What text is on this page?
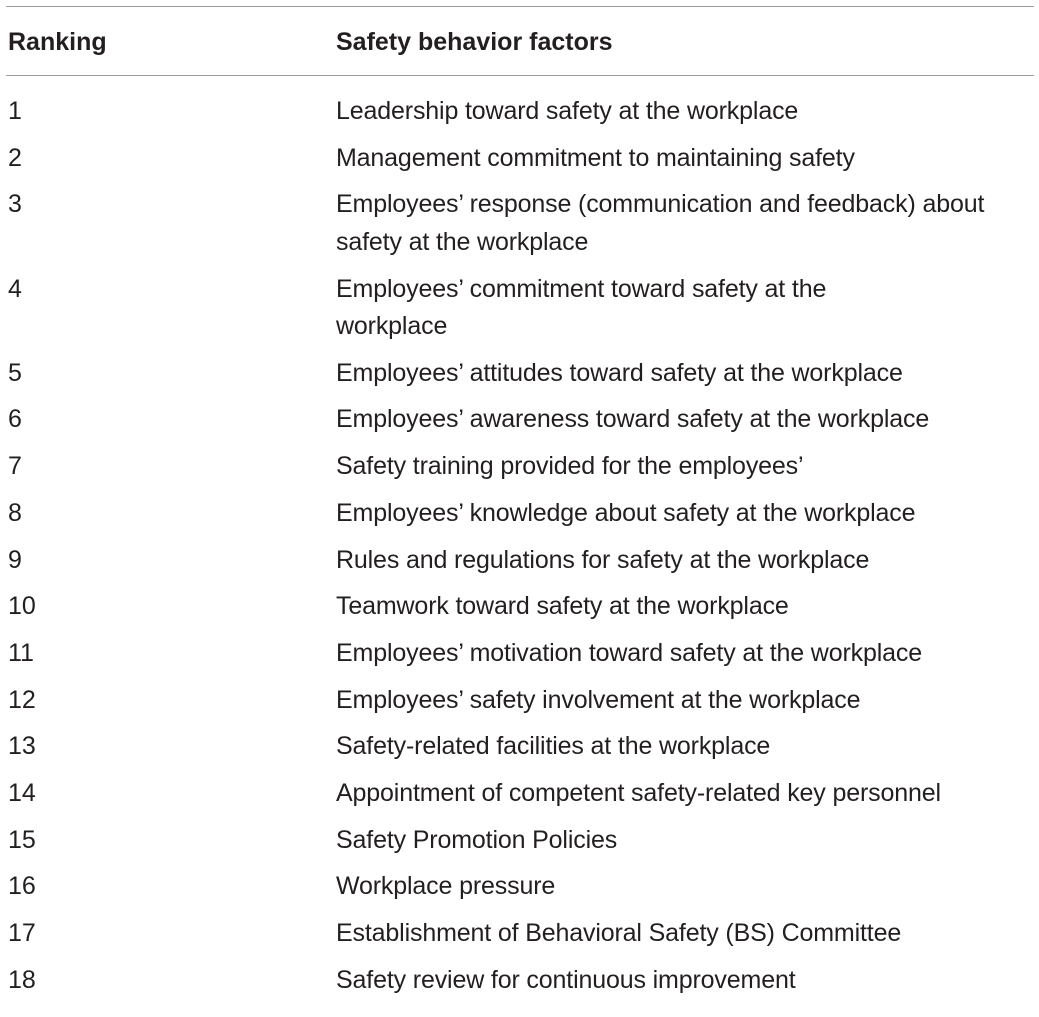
Ranking	Safety behavior factors
1	Leadership toward safety at the workplace
2	Management commitment to maintaining safety
3	Employees’ response (communication and feedback) about safety at the workplace
4	Employees’ commitment toward safety at the workplace
5	Employees’ attitudes toward safety at the workplace
6	Employees’ awareness toward safety at the workplace
7	Safety training provided for the employees’
8	Employees’ knowledge about safety at the workplace
9	Rules and regulations for safety at the workplace
10	Teamwork toward safety at the workplace
11	Employees’ motivation toward safety at the workplace
12	Employees’ safety involvement at the workplace
13	Safety-related facilities at the workplace
14	Appointment of competent safety-related key personnel
15	Safety Promotion Policies
16	Workplace pressure
17	Establishment of Behavioral Safety (BS) Committee
18	Safety review for continuous improvement
